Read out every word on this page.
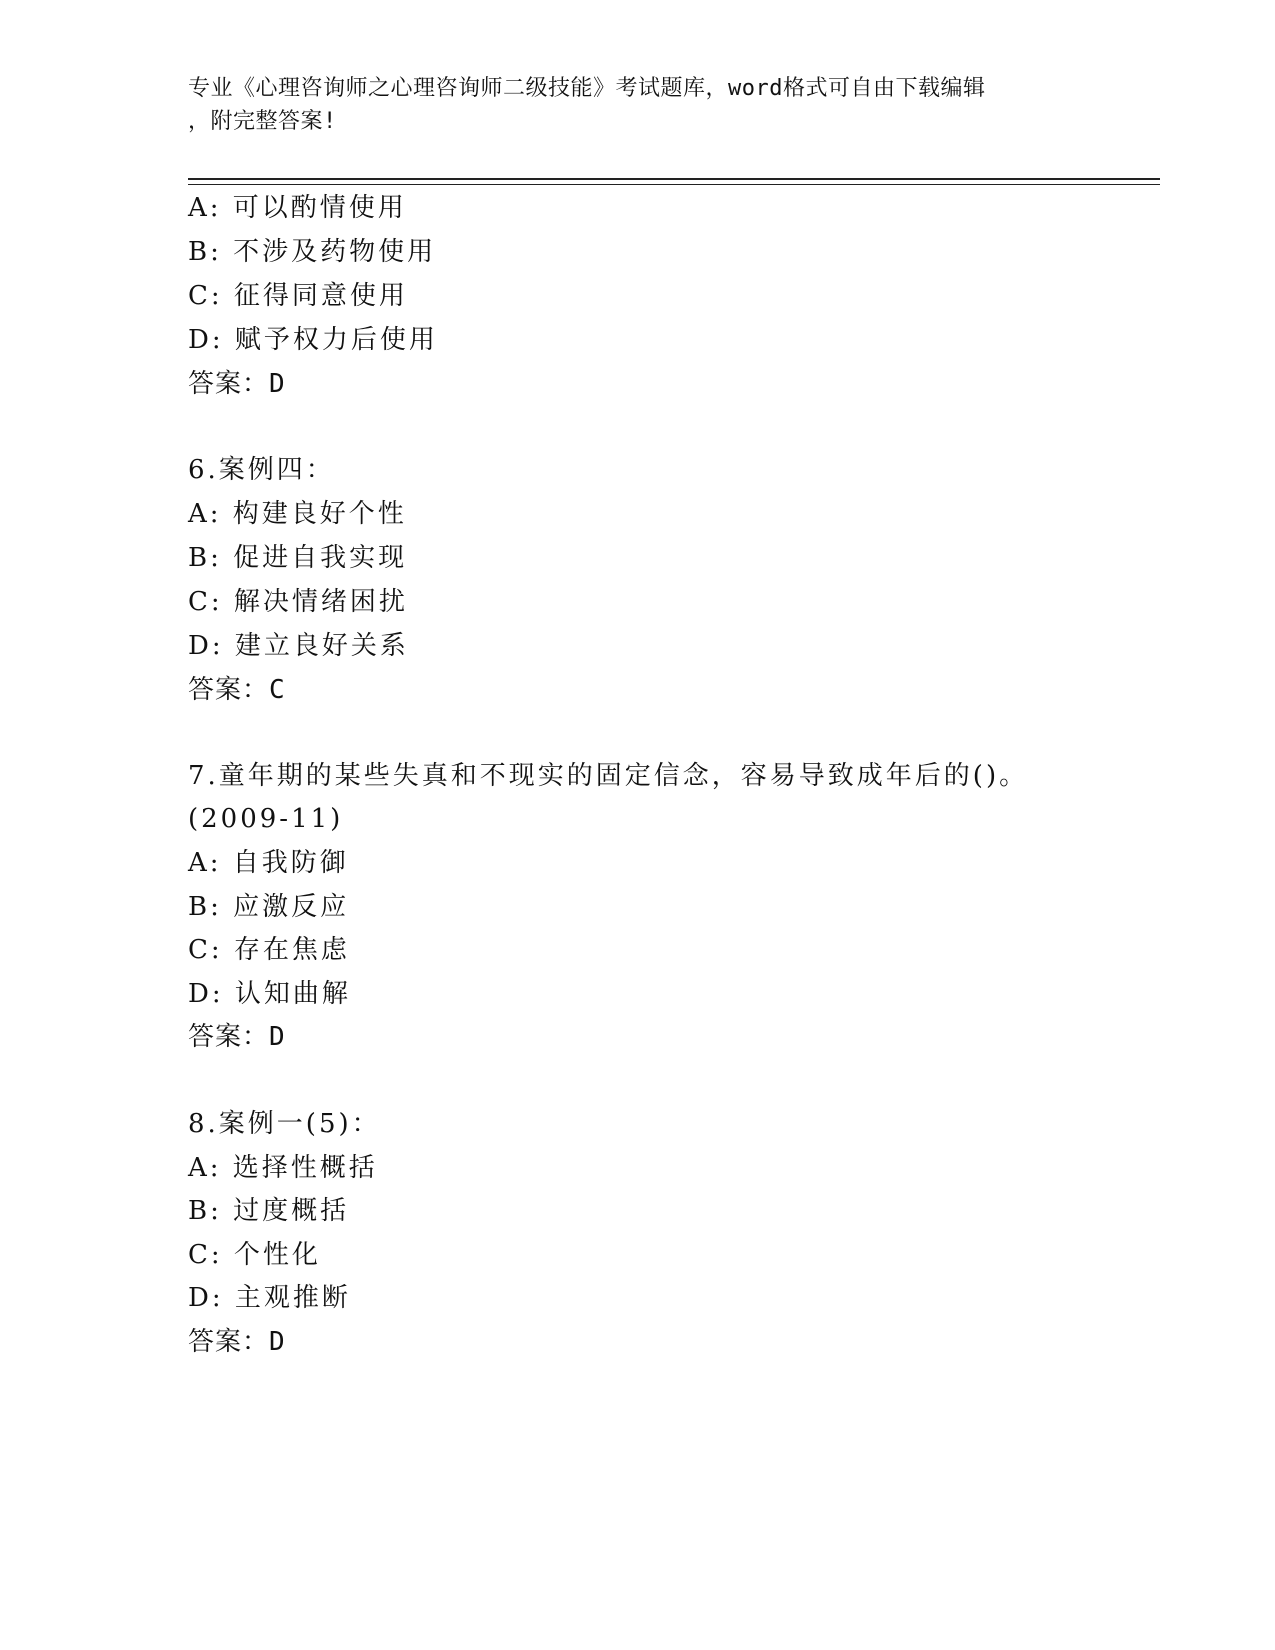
专业《心理咨询师之心理咨询师二级技能》考试题库，word格式可自由下载编辑
，附完整答案!
A: 可以酌情使用
B: 不涉及药物使用
C: 征得同意使用
D: 赋予权力后使用
答案：D
6.案例四：
A: 构建良好个性
B: 促进自我实现
C: 解决情绪困扰
D: 建立良好关系
答案：C
7.童年期的某些失真和不现实的固定信念，容易导致成年后的()。
(2009-11)
A: 自我防御
B: 应激反应
C: 存在焦虑
D: 认知曲解
答案：D
8.案例一(5)：
A: 选择性概括
B: 过度概括
C: 个性化
D: 主观推断
答案：D
